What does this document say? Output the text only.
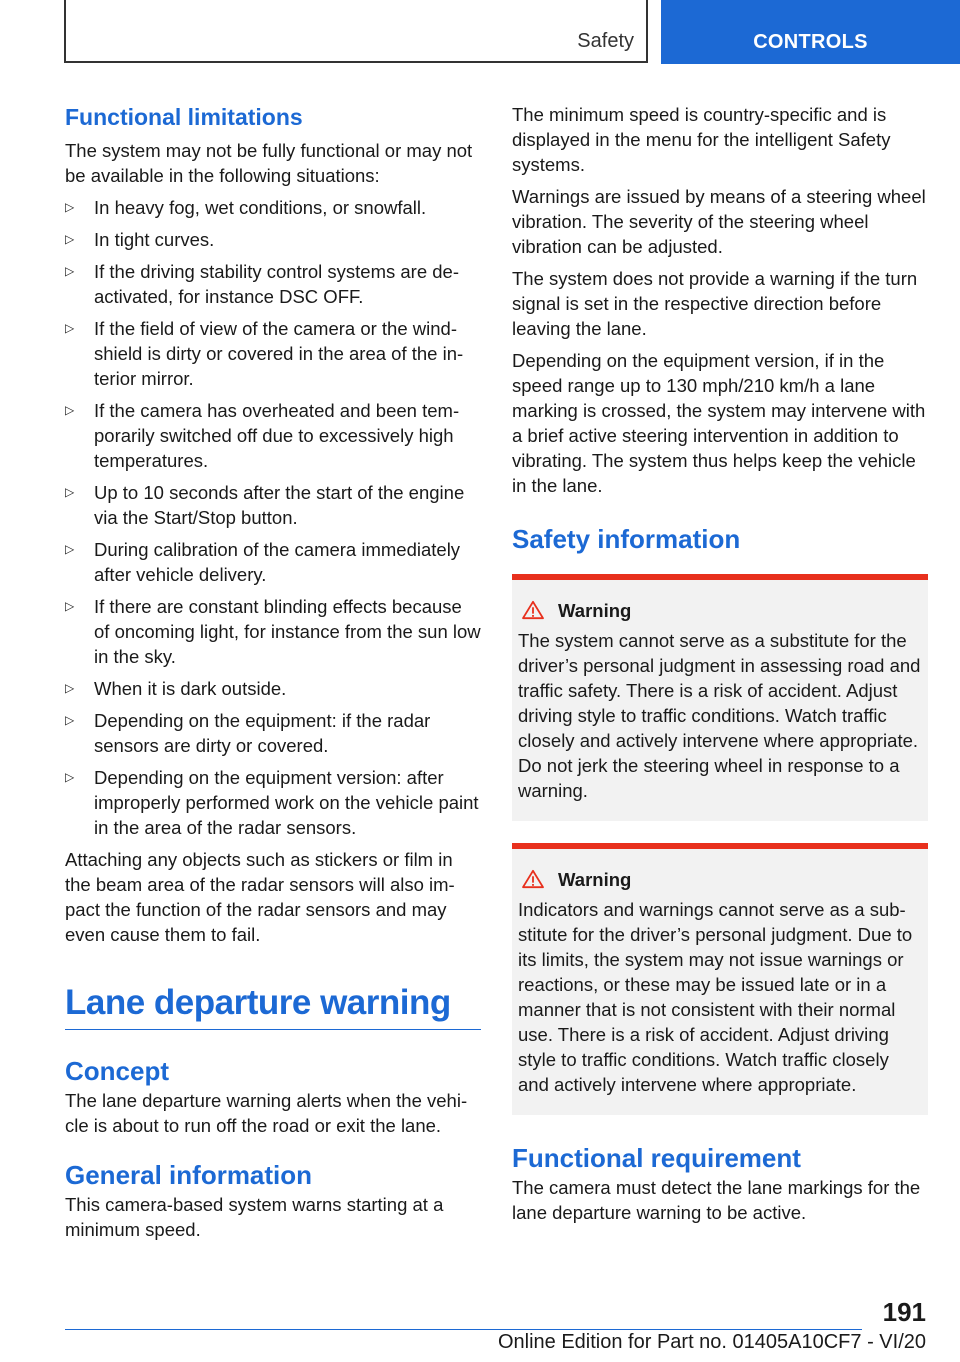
Safety	CONTROLS
Functional limitations

The system may not be fully functional or may not be available in the following situations:

▷ In heavy fog, wet conditions, or snowfall.
▷ In tight curves.
▷ If the driving stability control systems are deactivated, for instance DSC OFF.
▷ If the field of view of the camera or the windshield is dirty or covered in the area of the interior mirror.
▷ If the camera has overheated and been temporarily switched off due to excessively high temperatures.
▷ Up to 10 seconds after the start of the engine via the Start/Stop button.
▷ During calibration of the camera immediately after vehicle delivery.
▷ If there are constant blinding effects because of oncoming light, for instance from the sun low in the sky.
▷ When it is dark outside.
▷ Depending on the equipment: if the radar sensors are dirty or covered.
▷ Depending on the equipment version: after improperly performed work on the vehicle paint in the area of the radar sensors.

Attaching any objects such as stickers or film in the beam area of the radar sensors will also impact the function of the radar sensors and may even cause them to fail.

Lane departure warning
Concept

The lane departure warning alerts when the vehicle is about to run off the road or exit the lane.

General information

This camera-based system warns starting at a minimum speed.

The minimum speed is country-specific and is displayed in the menu for the intelligent Safety systems.

Warnings are issued by means of a steering wheel vibration. The severity of the steering wheel vibration can be adjusted.

The system does not provide a warning if the turn signal is set in the respective direction before leaving the lane.

Depending on the equipment version, if in the speed range up to 130 mph/210 km/h a lane marking is crossed, the system may intervene with a brief active steering intervention in addition to vibrating. The system thus helps keep the vehicle in the lane.

Safety information
Warning

The system cannot serve as a substitute for the driver’s personal judgment in assessing road and traffic safety. There is a risk of accident. Adjust driving style to traffic conditions. Watch traffic closely and actively intervene where appropriate. Do not jerk the steering wheel in response to a warning.

Warning

Indicators and warnings cannot serve as a substitute for the driver’s personal judgment. Due to its limits, the system may not issue warnings or reactions, or these may be issued late or in a manner that is not consistent with their normal use. There is a risk of accident. Adjust driving style to traffic conditions. Watch traffic closely and actively intervene where appropriate.

Functional requirement

The camera must detect the lane markings for the lane departure warning to be active.

191
Online Edition for Part no. 01405A10CF7 - VI/20
